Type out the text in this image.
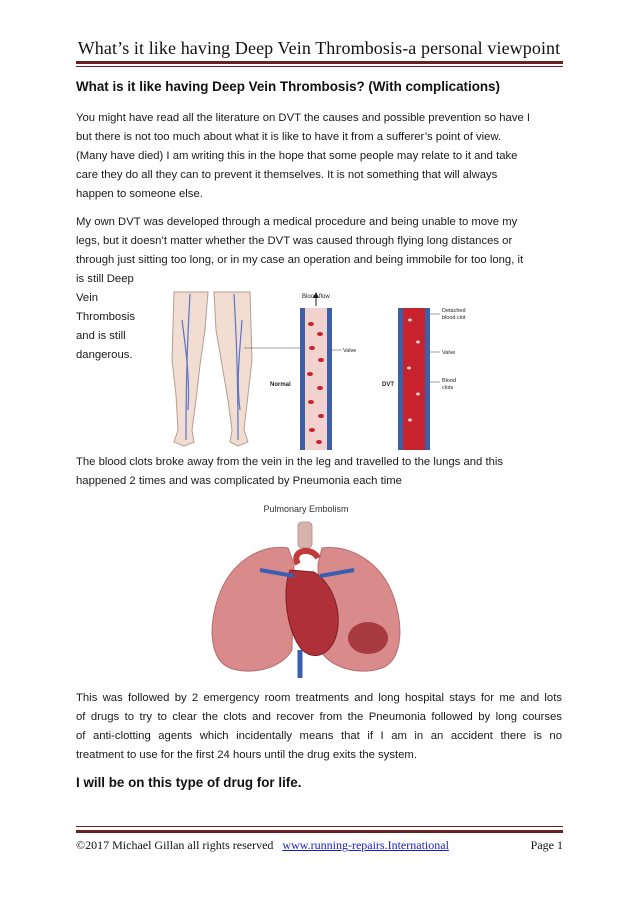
What’s it like having Deep Vein Thrombosis-a personal viewpoint
What is it like having Deep Vein Thrombosis? (With complications)

You might have read all the literature on DVT the causes and possible prevention so have I

but there is not too much about what it is like to have it from a sufferer’s point of view.

(Many have died) I am writing this in the hope that some people may relate to it and take

care they do all they can to prevent it themselves. It is not something that will always

happen to someone else.

My own DVT was developed through a medical procedure and being unable to move my

legs, but it doesn’t matter whether the DVT was caused through flying long distances or

through just sitting too long, or in my case an operation and being immobile for too long, it

is still Deep

Vein

Thrombosis

and is still

dangerous.

Blood flow
Valve
Normal
Detached
blood clot
Valve
DVT
Blood
clots

The blood clots broke away from the vein in the leg and travelled to the lungs and this

happened 2 times and was complicated by Pneumonia each time

Pulmonary Embolism

This was followed by 2 emergency room treatments and long hospital stays for me and lots

of drugs to try to clear the clots and recover from the Pneumonia followed by long courses

of anti-clotting agents which incidentally means that if I am in an accident there is no

treatment to use for the first 24 hours until the drug exits the system.

I will be on this type of drug for life.
©2017 Michael Gillan all rights reserved www.running-repairs.International	Page 1
